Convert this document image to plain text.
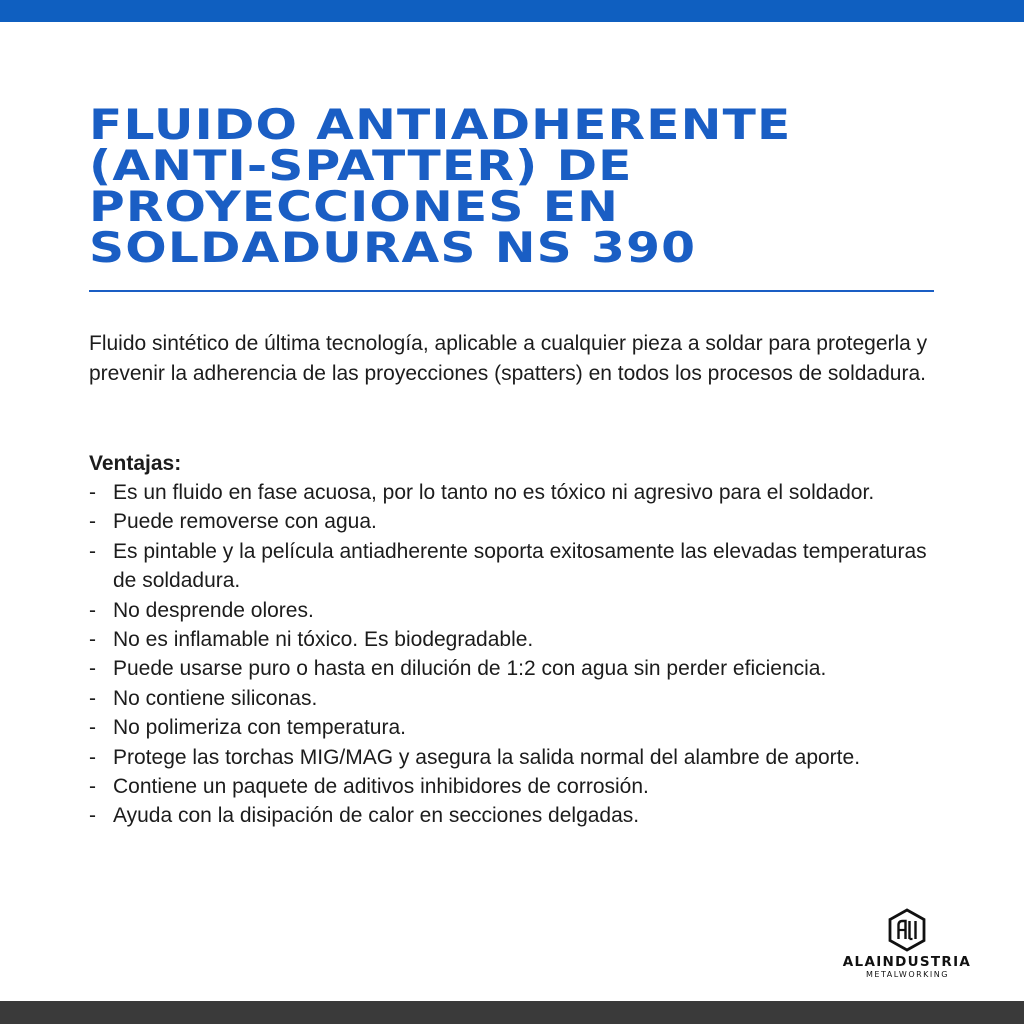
FLUIDO ANTIADHERENTE
(ANTI-SPATTER) DE
PROYECCIONES EN
SOLDADURAS NS 390

Fluido sintético de última tecnología, aplicable a cualquier pieza a soldar para protegerla y prevenir la adherencia de las proyecciones (spatters) en todos los procesos de soldadura.

Ventajas:

- Es un fluido en fase acuosa, por lo tanto no es tóxico ni agresivo para el soldador.
- Puede removerse con agua.
- Es pintable y la película antiadherente soporta exitosamente las elevadas temperaturas de soldadura.
- No desprende olores.
- No es inflamable ni tóxico. Es biodegradable.
- Puede usarse puro o hasta en dilución de 1:2 con agua sin perder eficiencia.
- No contiene siliconas.
- No polimeriza con temperatura.
- Protege las torchas MIG/MAG y asegura la salida normal del alambre de aporte.
- Contiene un paquete de aditivos inhibidores de corrosión.
- Ayuda con la disipación de calor en secciones delgadas.
ALAINDUSTRIA
METALWORKING
